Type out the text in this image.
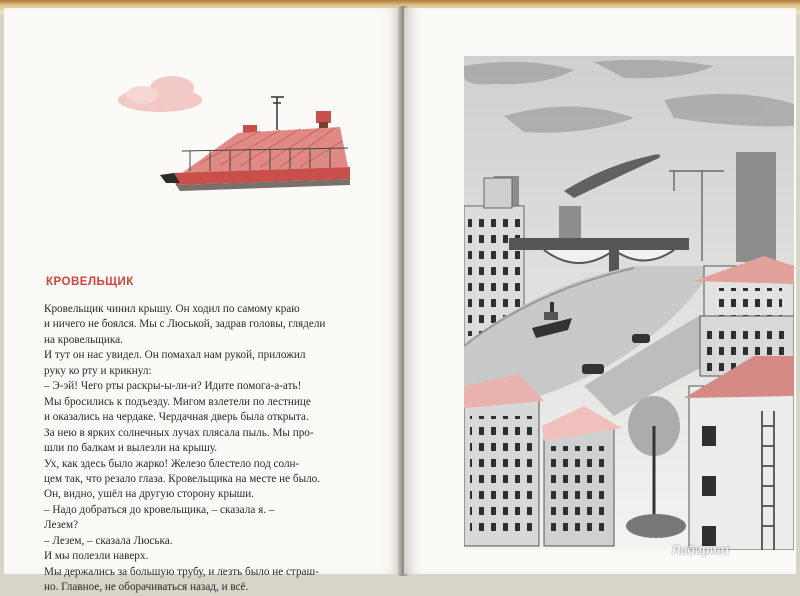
КРОВЕЛЬЩИК

Кровельщик чинил крышу. Он ходил по самому краю

и ничего не боялся. Мы с Люськой, задрав головы, глядели

на кровельщика.

И тут он нас увидел. Он помахал нам рукой, приложил

руку ко рту и крикнул:

– Э-эй! Чего рты раскры-ы-ли-и? Идите помога-а-ать!

Мы бросились к подъезду. Мигом взлетели по лестнице

и оказались на чердаке. Чердачная дверь была открыта.

За нею в ярких солнечных лучах плясала пыль. Мы про-

шли по балкам и вылезли на крышу.

Ух, как здесь было жарко! Железо блестело под солн-

цем так, что резало глаза. Кровельщика на месте не было.

Он, видно, ушёл на другую сторону крыши.

– Надо добраться до кровельщика, – сказала я. –

Лезем?

– Лезем, – сказала Люська.

И мы полезли наверх.

Мы держались за большую трубу, и лезть было не страш-

но. Главное, не оборачиваться назад, и всё.

Лабиринт
